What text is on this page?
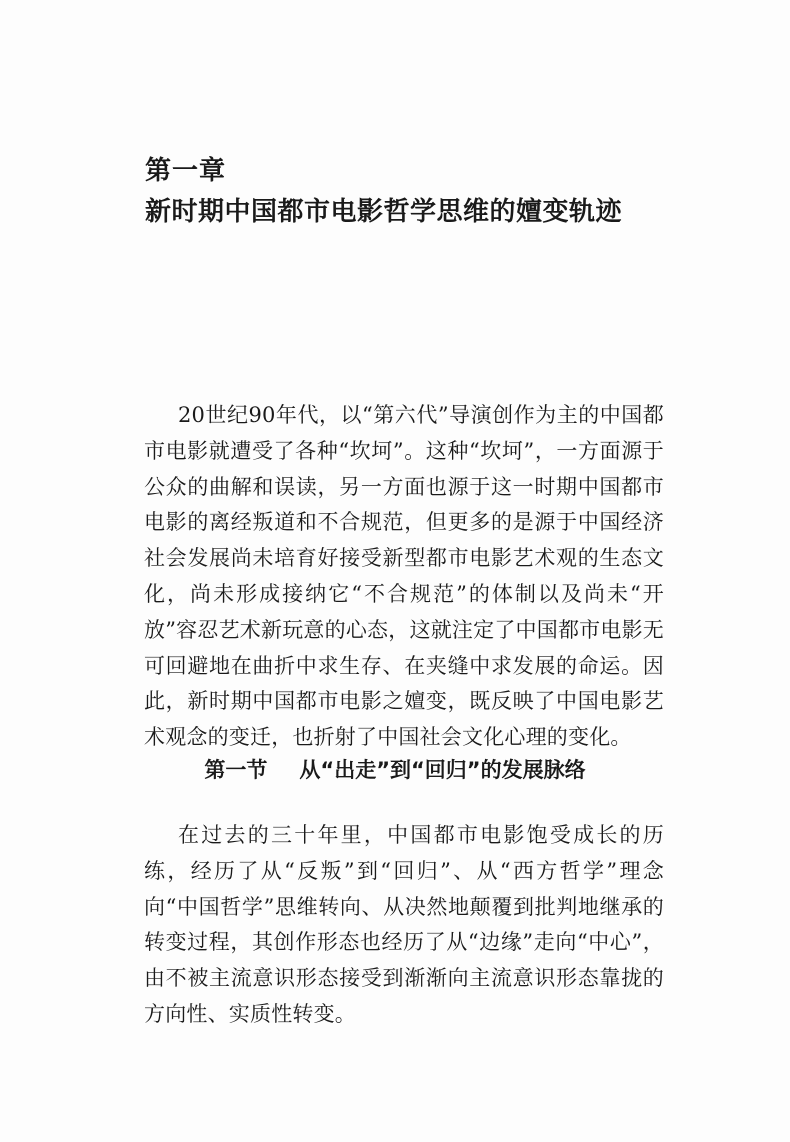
第一章
新时期中国都市电影哲学思维的嬗变轨迹

20世纪90年代，以“第六代”导演创作为主的中国都市电影就遭受了各种“坎坷”。这种“坎坷”，一方面源于公众的曲解和误读，另一方面也源于这一时期中国都市电影的离经叛道和不合规范，但更多的是源于中国经济社会发展尚未培育好接受新型都市电影艺术观的生态文化，尚未形成接纳它“不合规范”的体制以及尚未“开放”容忍艺术新玩意的心态，这就注定了中国都市电影无可回避地在曲折中求生存、在夹缝中求发展的命运。因此，新时期中国都市电影之嬗变，既反映了中国电影艺术观念的变迁，也折射了中国社会文化心理的变化。

第一节 从“出走”到“回归”的发展脉络

在过去的三十年里，中国都市电影饱受成长的历练，经历了从“反叛”到“回归”、从“西方哲学”理念向“中国哲学”思维转向、从决然地颠覆到批判地继承的转变过程，其创作形态也经历了从“边缘”走向“中心”，由不被主流意识形态接受到渐渐向主流意识形态靠拢的方向性、实质性转变。
